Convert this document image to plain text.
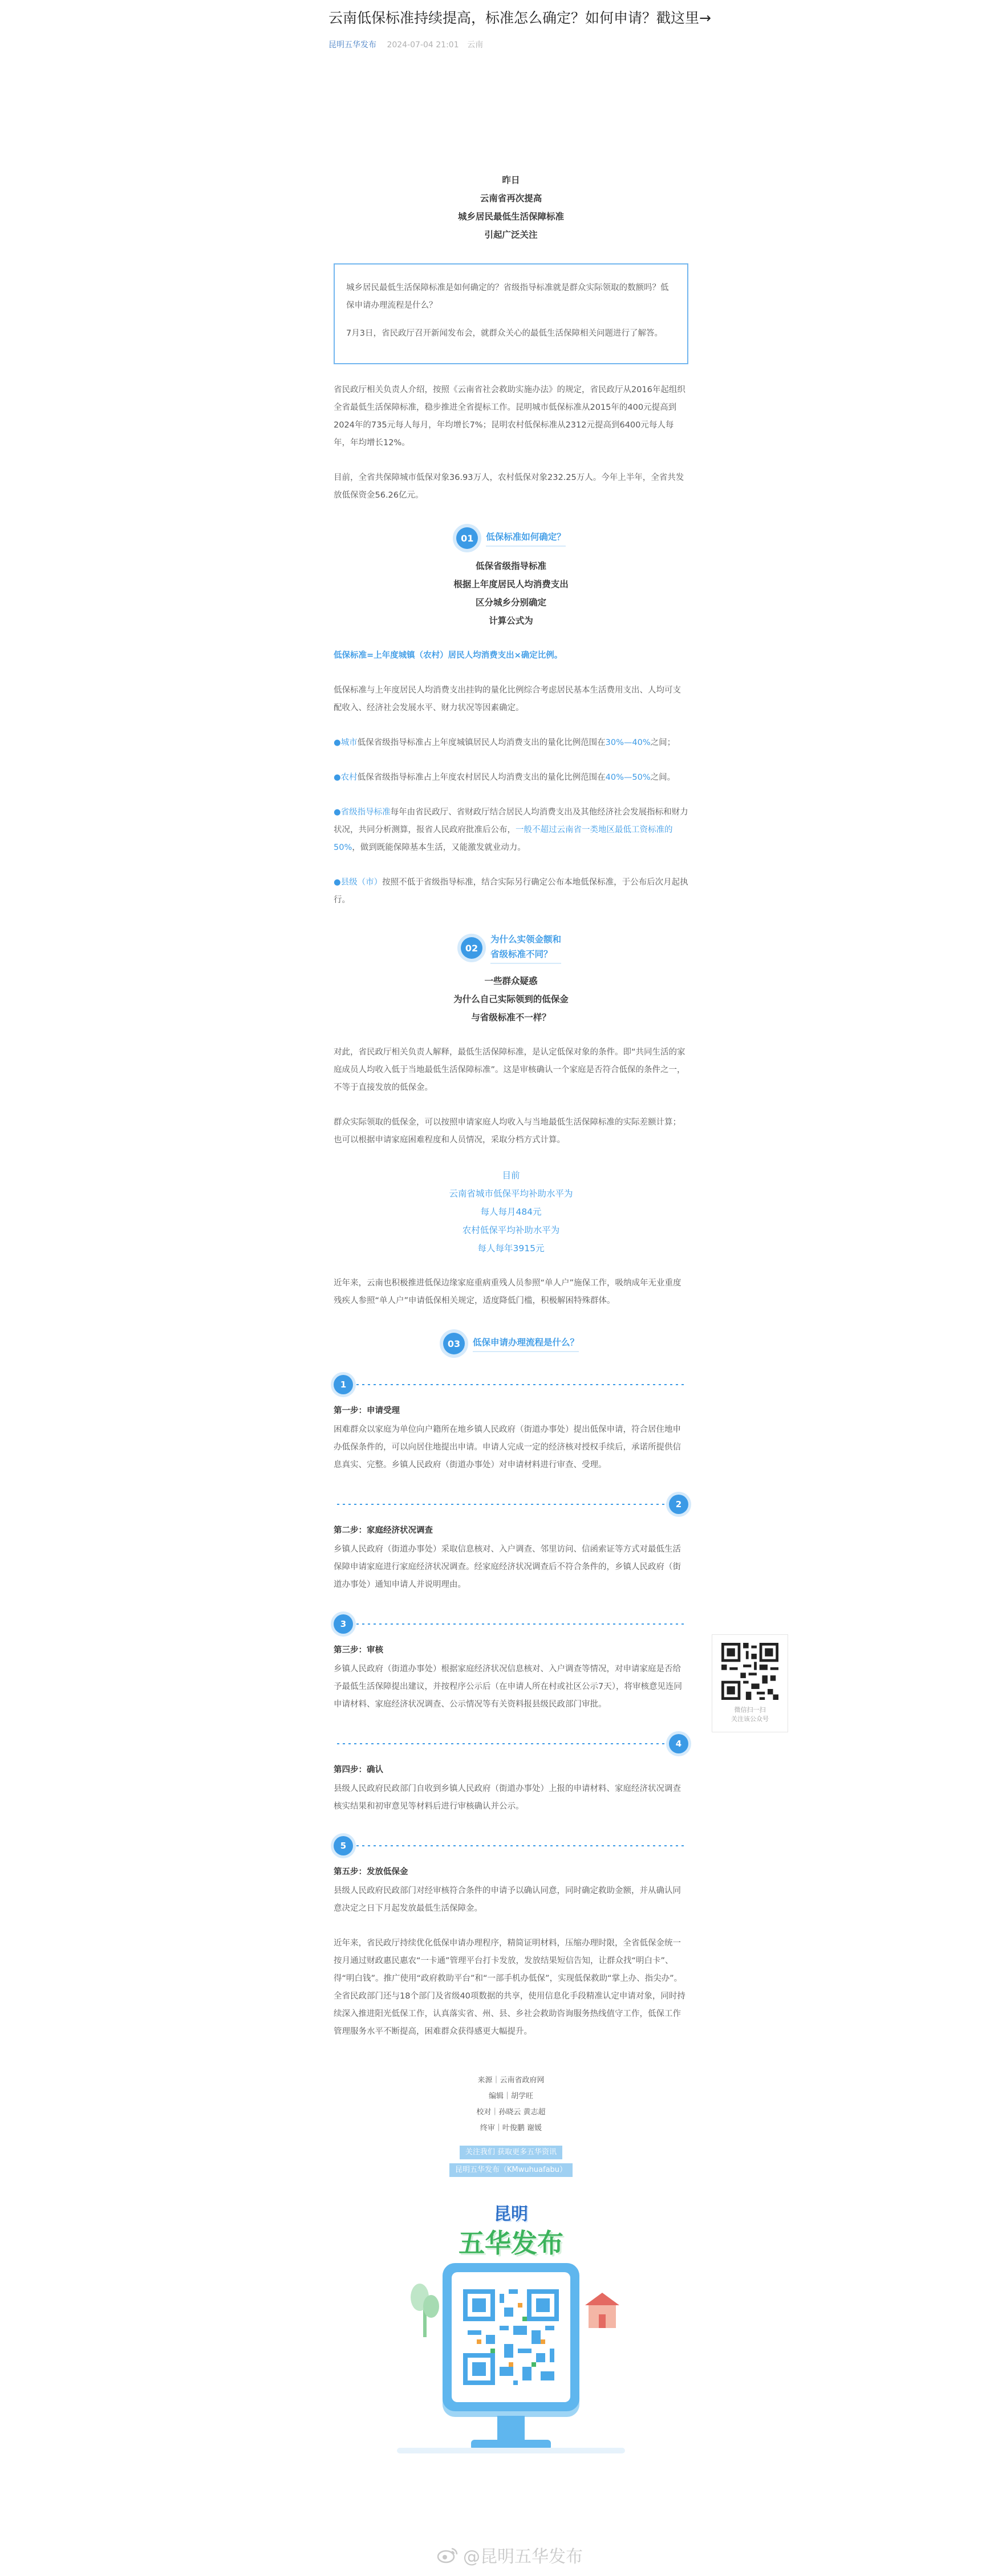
云南低保标准持续提高，标准怎么确定？如何申请？戳这里→
昆明五华发布 2024-07-04 21:01 云南
昨日
云南省再次提高
城乡居民最低生活保障标准
引起广泛关注

城乡居民最低生活保障标准是如何确定的？省级指导标准就是群众实际领取的数额吗？低保申请办理流程是什么？

7月3日，省民政厅召开新闻发布会，就群众关心的最低生活保障相关问题进行了解答。

省民政厅相关负责人介绍，按照《云南省社会救助实施办法》的规定，省民政厅从2016年起组织全省最低生活保障标准，稳步推进全省提标工作。昆明城市低保标准从2015年的400元提高到2024年的735元每人每月，年均增长7%；昆明农村低保标准从2312元提高到6400元每人每年，年均增长12%。

目前，全省共保障城市低保对象36.93万人，农村低保对象232.25万人。今年上半年，全省共发放低保资金56.26亿元。

01	低保标准如何确定？
低保省级指导标准
根据上年度居民人均消费支出
区分城乡分别确定
计算公式为

低保标准=上年度城镇（农村）居民人均消费支出×确定比例。

低保标准与上年度居民人均消费支出挂钩的量化比例综合考虑居民基本生活费用支出、人均可支配收入、经济社会发展水平、财力状况等因素确定。

●城市低保省级指导标准占上年度城镇居民人均消费支出的量化比例范围在30%—40%之间；

●农村低保省级指导标准占上年度农村居民人均消费支出的量化比例范围在40%—50%之间。

●省级指导标准每年由省民政厅、省财政厅结合居民人均消费支出及其他经济社会发展指标和财力状况，共同分析测算，报省人民政府批准后公布，一般不超过云南省一类地区最低工资标准的50%，做到既能保障基本生活，又能激发就业动力。

●县级（市）按照不低于省级指导标准，结合实际另行确定公布本地低保标准，于公布后次月起执行。

02
为什么实领金额和
省级标准不同？
一些群众疑惑
为什么自己实际领到的低保金
与省级标准不一样？

对此，省民政厅相关负责人解释，最低生活保障标准，是认定低保对象的条件。即“共同生活的家庭成员人均收入低于当地最低生活保障标准”。这是审核确认一个家庭是否符合低保的条件之一，不等于直接发放的低保金。

群众实际领取的低保金，可以按照申请家庭人均收入与当地最低生活保障标准的实际差额计算；也可以根据申请家庭困难程度和人员情况，采取分档方式计算。

目前
云南省城市低保平均补助水平为
每人每月484元
农村低保平均补助水平为
每人每年3915元

近年来，云南也积极推进低保边缘家庭重病重残人员参照“单人户”施保工作，吸纳成年无业重度残疾人参照“单人户”申请低保相关规定，适度降低门槛，积极解困特殊群体。

03	低保申请办理流程是什么？
1
第一步：申请受理
困难群众以家庭为单位向户籍所在地乡镇人民政府（街道办事处）提出低保申请，符合居住地申办低保条件的，可以向居住地提出申请。申请人完成一定的经济核对授权手续后，承诺所提供信息真实、完整。乡镇人民政府（街道办事处）对申请材料进行审查、受理。
2
第二步：家庭经济状况调查
乡镇人民政府（街道办事处）采取信息核对、入户调查、邻里访问、信函索证等方式对最低生活保障申请家庭进行家庭经济状况调查。经家庭经济状况调查后不符合条件的，乡镇人民政府（街道办事处）通知申请人并说明理由。
3
第三步：审核
乡镇人民政府（街道办事处）根据家庭经济状况信息核对、入户调查等情况，对申请家庭是否给予最低生活保障提出建议，并按程序公示后（在申请人所在村或社区公示7天），将审核意见连同申请材料、家庭经济状况调查、公示情况等有关资料报县级民政部门审批。
4
第四步：确认
县级人民政府民政部门自收到乡镇人民政府（街道办事处）上报的申请材料、家庭经济状况调查核实结果和初审意见等材料后进行审核确认并公示。
5
第五步：发放低保金
县级人民政府民政部门对经审核符合条件的申请予以确认同意，同时确定救助金额，并从确认同意决定之日下月起发放最低生活保障金。

近年来，省民政厅持续优化低保申请办理程序，精简证明材料，压缩办理时限，全省低保金统一按月通过财政惠民惠农“一卡通”管理平台打卡发放，发放结果短信告知，让群众找“明白卡”、得“明白钱”。推广使用“政府救助平台”和“一部手机办低保”，实现低保救助“掌上办、指尖办”。全省民政部门还与18个部门及省级40项数据的共享，使用信息化手段精准认定申请对象，同时持续深入推进阳光低保工作，认真落实省、州、县、乡社会救助咨询服务热线值守工作，低保工作管理服务水平不断提高，困难群众获得感更大幅提升。

来源｜云南省政府网
编辑｜胡学旺
校对｜孙晓云 黄志超
终审｜叶俊鹏 谢媛
关注我们 获取更多五华资讯
昆明五华发布（KMwuhuafabu）
昆明
五华发布
微信扫一扫
关注该公众号
@昆明五华发布
